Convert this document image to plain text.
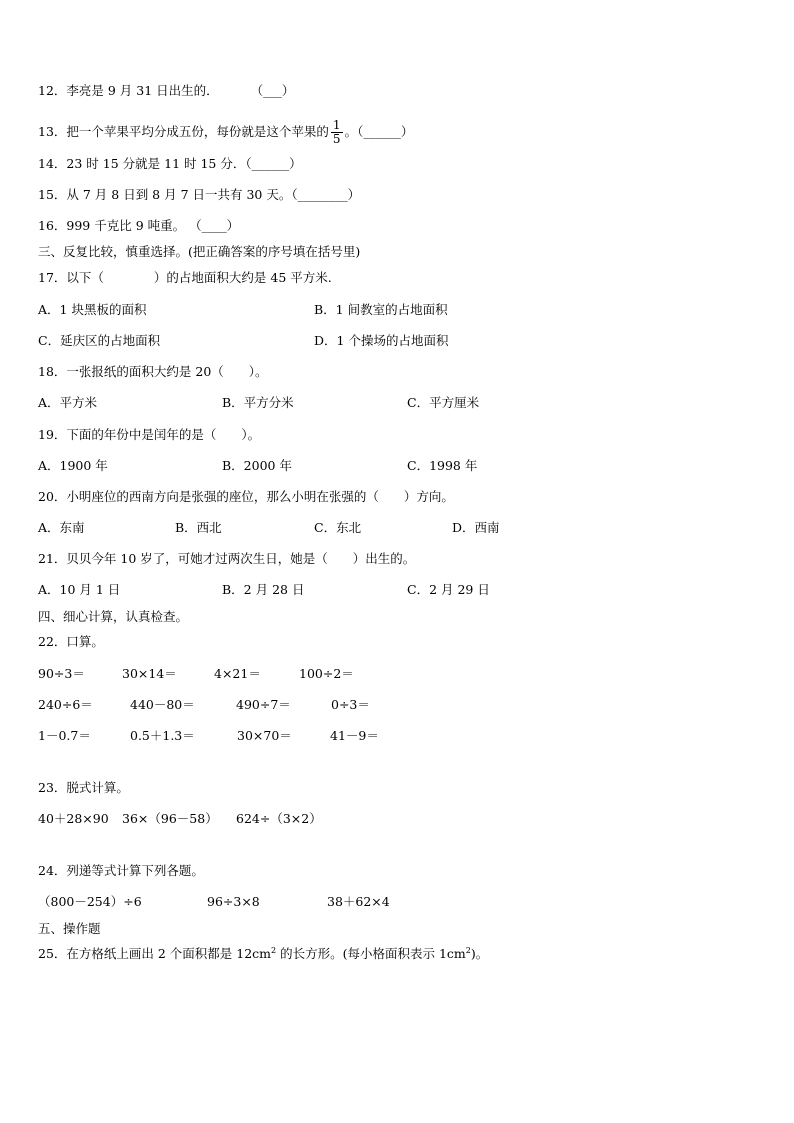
12．李亮是 9 月 31 日出生的．	（___）
13．把一个苹果平均分成五份，每份就是这个苹果的 $\frac{1}{5}$ 。（______）
14．23 时 15 分就是 11 时 15 分．（______）
15．从 7 月 8 日到 8 月 7 日一共有 30 天。（________）
16．999 千克比 9 吨重。 （____）
三、反复比较，慎重选择。(把正确答案的序号填在括号里)
17．以下（　　　　）的占地面积大约是 45 平方米.
A．1 块黑板的面积	B．1 间教室的占地面积
C．延庆区的占地面积	D．1 个操场的占地面积
18．一张报纸的面积大约是 20（　　）。
A．平方米	B．平方分米	C．平方厘米
19．下面的年份中是闰年的是（　　）。
A．1900 年	B．2000 年	C．1998 年
20．小明座位的西南方向是张强的座位，那么小明在张强的（　　）方向。
A．东南	B．西北	C．东北	D．西南
21．贝贝今年 10 岁了，可她才过两次生日，她是（　　）出生的。
A．10 月 1 日	B．2 月 28 日	C．2 月 29 日
四、细心计算，认真检查。
22．口算。
90÷3＝	30×14＝	4×21＝	100÷2＝
240÷6＝	440－80＝	490÷7＝	0÷3＝
1－0.7＝	0.5＋1.3＝	30×70＝	41－9＝
23．脱式计算。
40＋28×90 36×（96－58） 624÷（3×2）
24．列递等式计算下列各题。
（800－254）÷6	96÷3×8	38＋62×4
五、操作题
25．在方格纸上画出 2 个面积都是 $12cm^2$ 的长方形。(每小格面积表示 $1cm^2$)。
